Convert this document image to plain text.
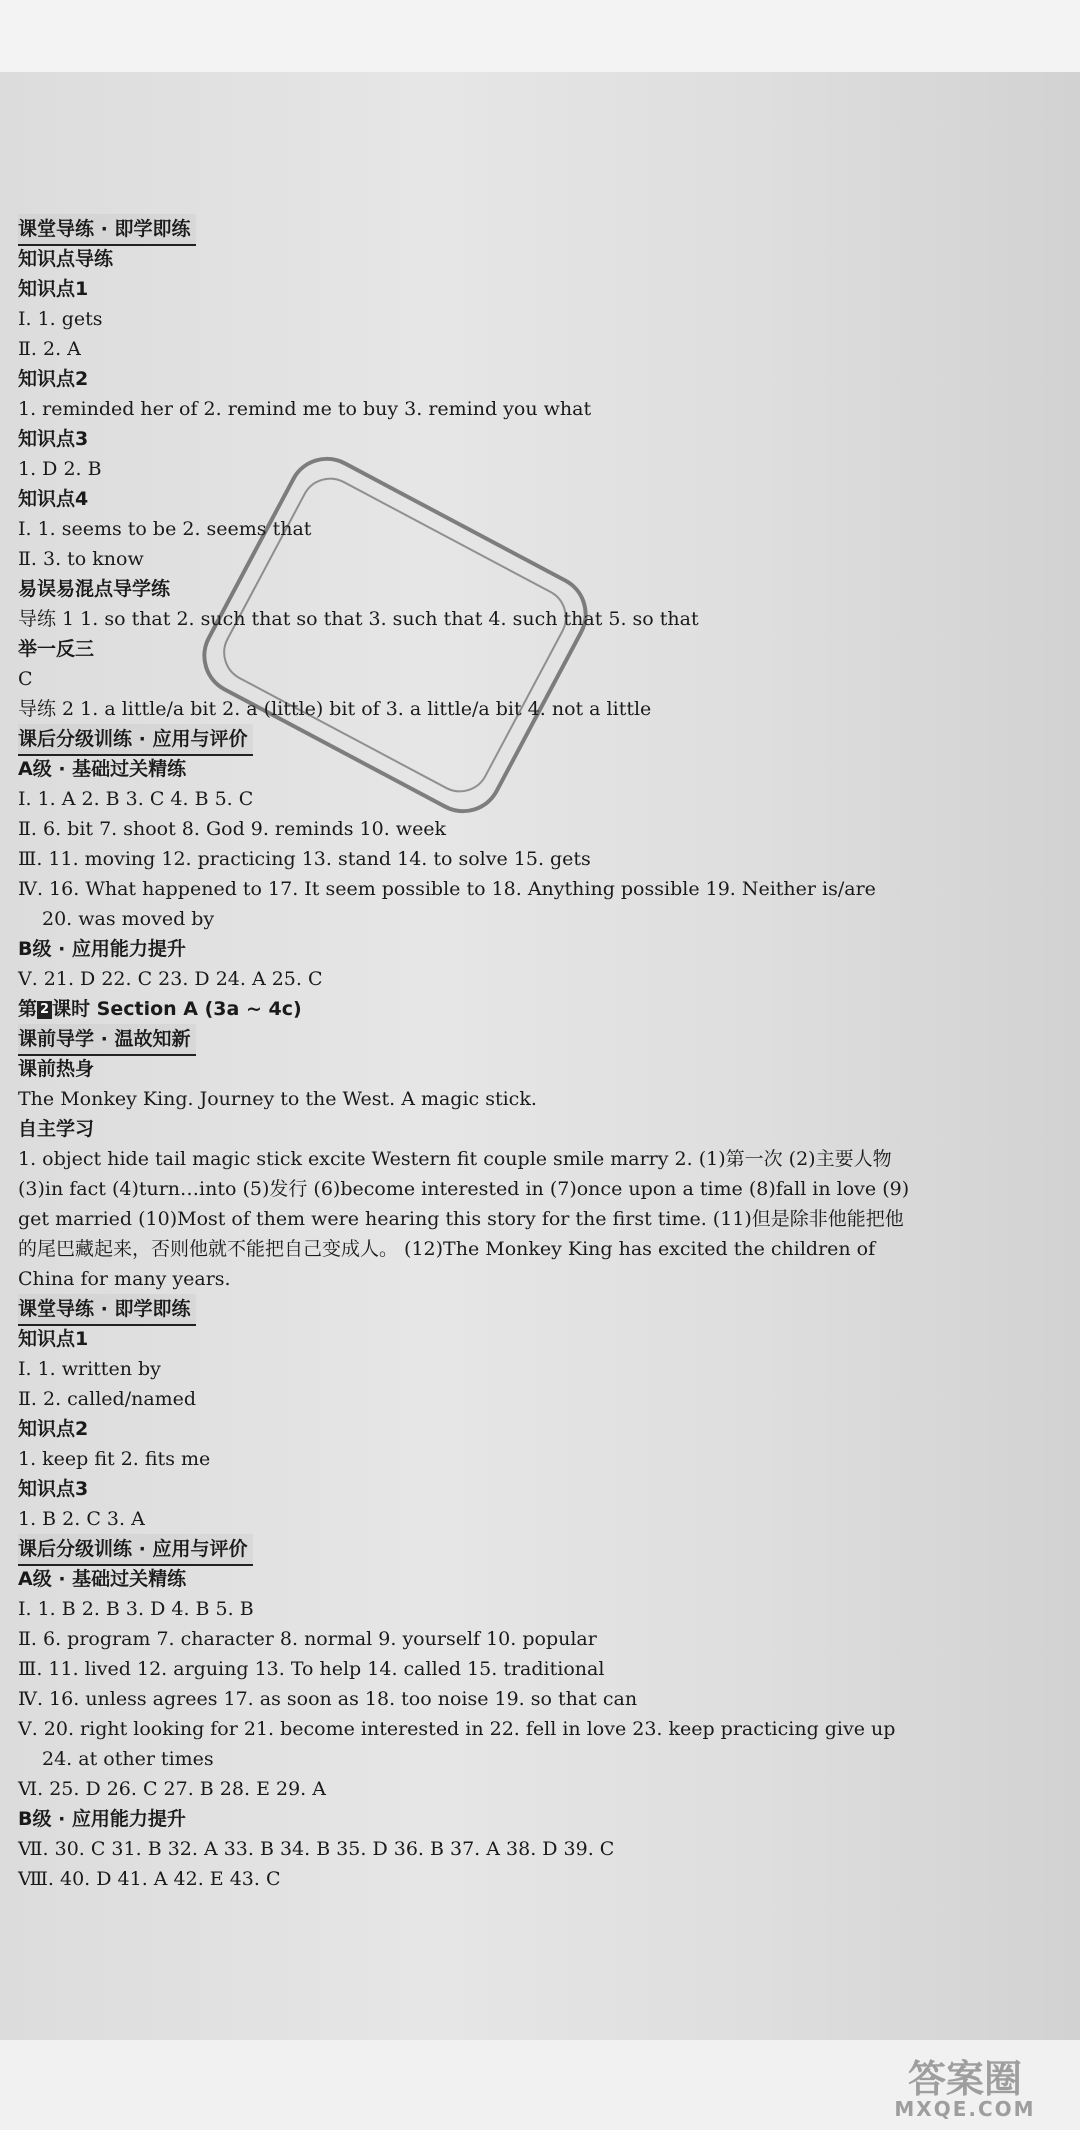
课堂导练 · 即学即练
知识点导练
知识点1
Ⅰ. 1. gets
Ⅱ. 2. A
知识点2
1. reminded her of 2. remind me to buy 3. remind you what
知识点3
1. D 2. B
知识点4
Ⅰ. 1. seems to be 2. seems that
Ⅱ. 3. to know
易误易混点导学练
导练 1 1. so that 2. such that so that 3. such that 4. such that 5. so that
举一反三
C
导练 2 1. a little/a bit 2. a (little) bit of 3. a little/a bit 4. not a little
课后分级训练 · 应用与评价
A级 · 基础过关精练
Ⅰ. 1. A 2. B 3. C 4. B 5. C
Ⅱ. 6. bit 7. shoot 8. God 9. reminds 10. week
Ⅲ. 11. moving 12. practicing 13. stand 14. to solve 15. gets
Ⅳ. 16. What happened to 17. It seem possible to 18. Anything possible 19. Neither is/are
20. was moved by
B级 · 应用能力提升
Ⅴ. 21. D 22. C 23. D 24. A 25. C
第 2 课时 Section A (3a ~ 4c)
课前导学 · 温故知新
课前热身
The Monkey King. Journey to the West. A magic stick.
自主学习
1. object hide tail magic stick excite Western fit couple smile marry 2. (1)第一次 (2)主要人物 (3)in fact (4)turn…into (5)发行 (6)become interested in (7)once upon a time (8)fall in love (9) get married (10)Most of them were hearing this story for the first time. (11)但是除非他能把他的尾巴藏起来，否则他就不能把自己变成人。 (12)The Monkey King has excited the children of China for many years.
课堂导练 · 即学即练
知识点1
Ⅰ. 1. written by
Ⅱ. 2. called/named
知识点2
1. keep fit 2. fits me
知识点3
1. B 2. C 3. A
课后分级训练 · 应用与评价
A级 · 基础过关精练
Ⅰ. 1. B 2. B 3. D 4. B 5. B
Ⅱ. 6. program 7. character 8. normal 9. yourself 10. popular
Ⅲ. 11. lived 12. arguing 13. To help 14. called 15. traditional
Ⅳ. 16. unless agrees 17. as soon as 18. too noise 19. so that can
Ⅴ. 20. right looking for 21. become interested in 22. fell in love 23. keep practicing give up
24. at other times
Ⅵ. 25. D 26. C 27. B 28. E 29. A
B级 · 应用能力提升
Ⅶ. 30. C 31. B 32. A 33. B 34. B 35. D 36. B 37. A 38. D 39. C
Ⅷ. 40. D 41. A 42. E 43. C
答案圈
MXQE.COM
